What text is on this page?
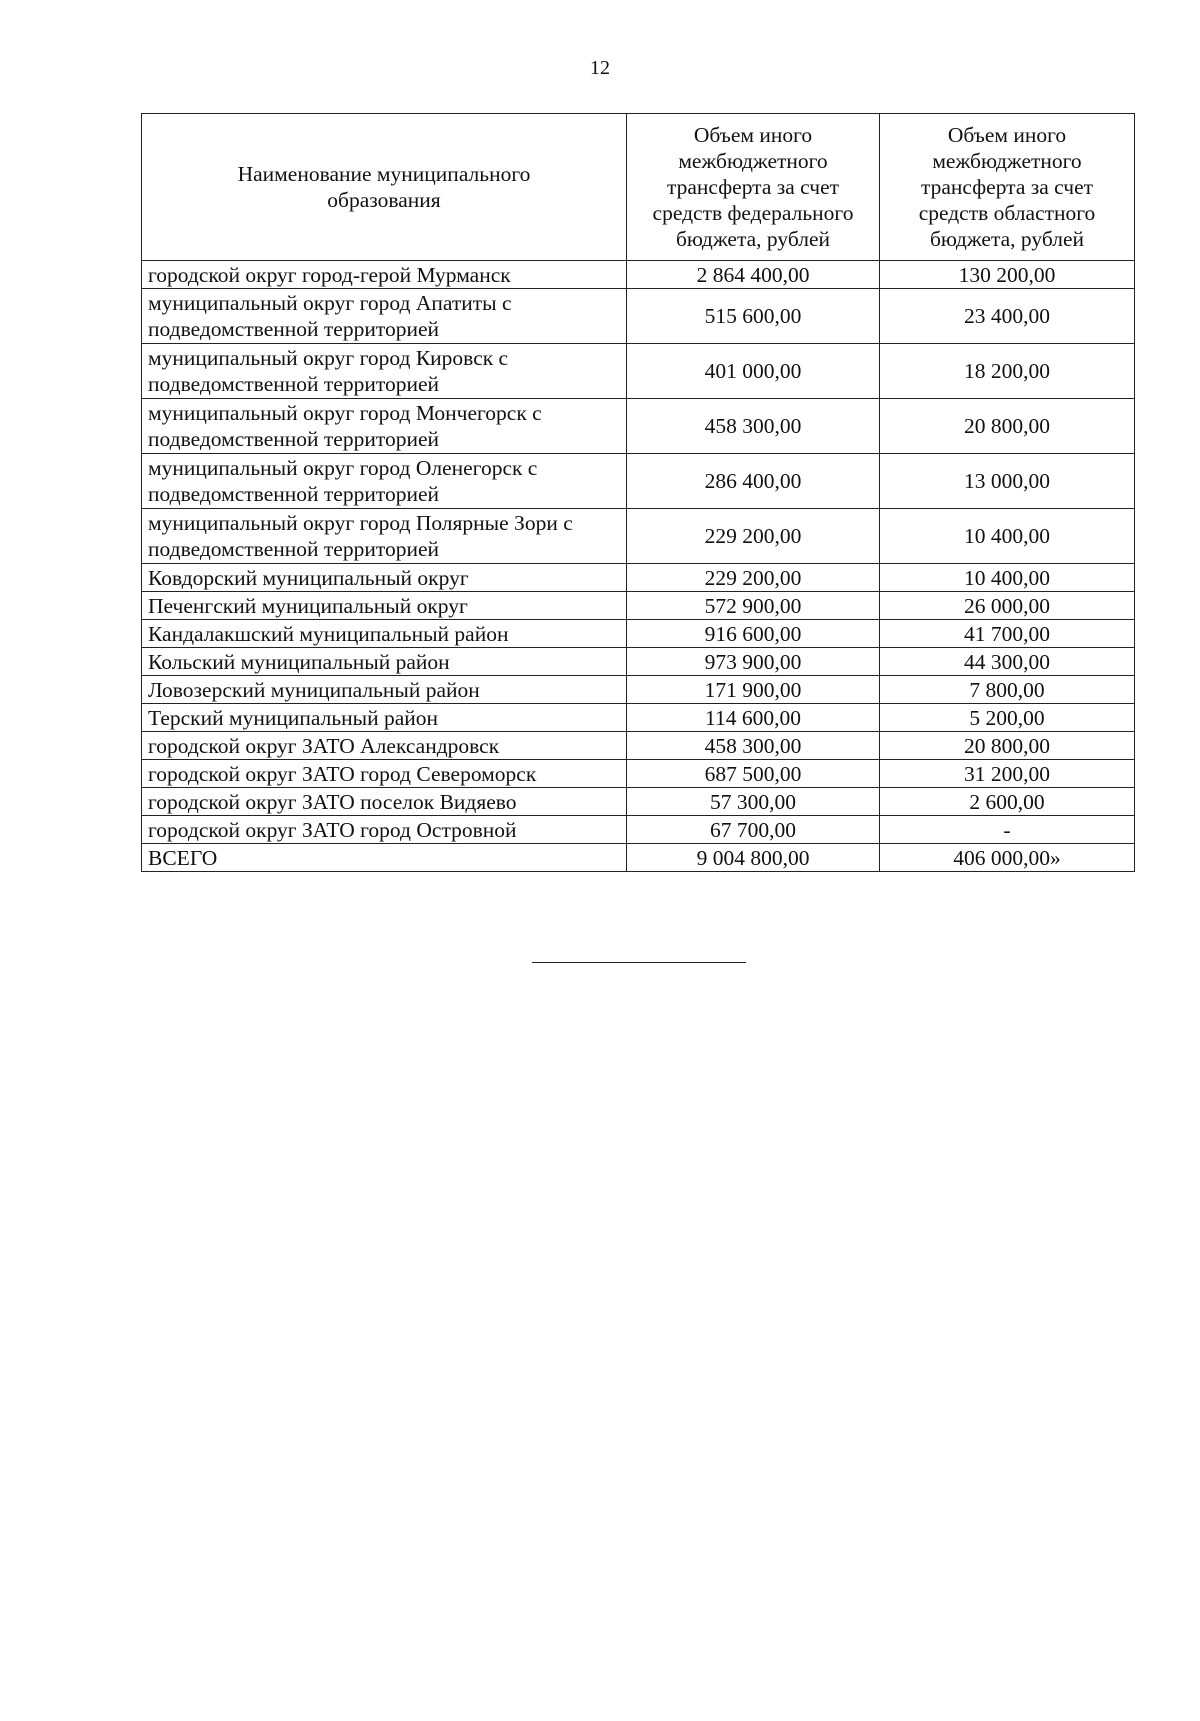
12
Наименование муниципального образования	Объем иного межбюджетного трансферта за счет средств федерального бюджета, рублей	Объем иного межбюджетного трансферта за счет средств областного бюджета, рублей
городской округ город-герой Мурманск	2 864 400,00	130 200,00
муниципальный округ город Апатиты с подведомственной территорией	515 600,00	23 400,00
муниципальный округ город Кировск с подведомственной территорией	401 000,00	18 200,00
муниципальный округ город Мончегорск с подведомственной территорией	458 300,00	20 800,00
муниципальный округ город Оленегорск с подведомственной территорией	286 400,00	13 000,00
муниципальный округ город Полярные Зори с подведомственной территорией	229 200,00	10 400,00
Ковдорский муниципальный округ	229 200,00	10 400,00
Печенгский муниципальный округ	572 900,00	26 000,00
Кандалакшский муниципальный район	916 600,00	41 700,00
Кольский муниципальный район	973 900,00	44 300,00
Ловозерский муниципальный район	171 900,00	7 800,00
Терский муниципальный район	114 600,00	5 200,00
городской округ ЗАТО Александровск	458 300,00	20 800,00
городской округ ЗАТО город Североморск	687 500,00	31 200,00
городской округ ЗАТО поселок Видяево	57 300,00	2 600,00
городской округ ЗАТО город Островной	67 700,00	-
ВСЕГО	9 004 800,00	406 000,00»
